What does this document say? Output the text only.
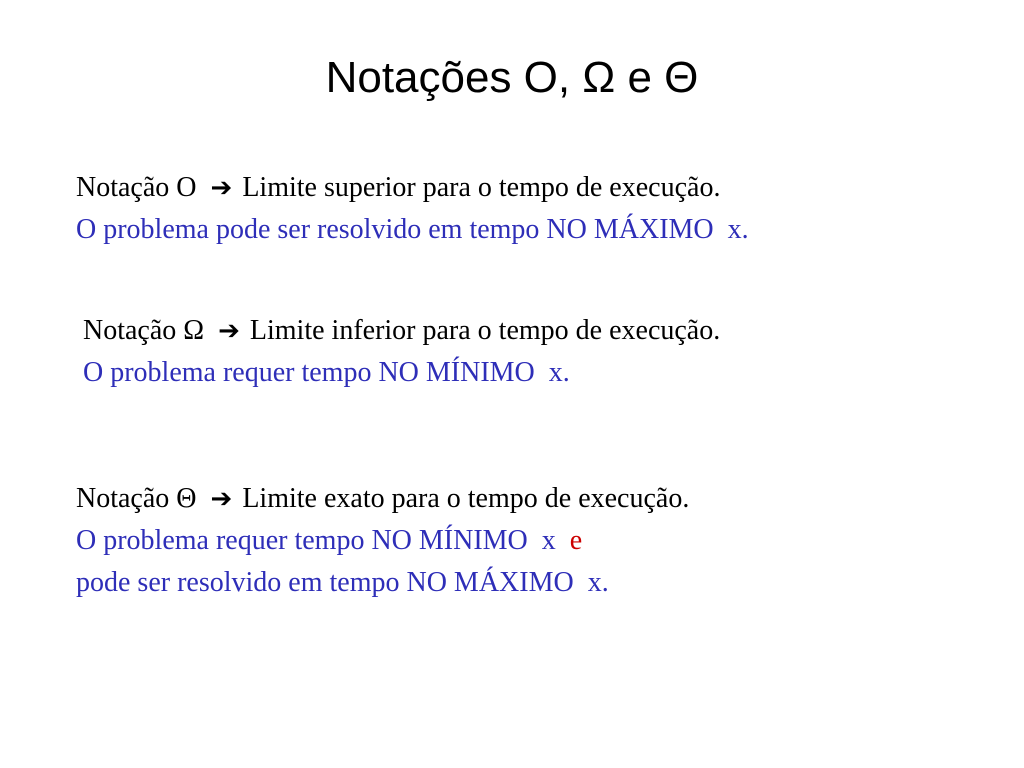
Notações O, Ω e Θ
Notação O ➔ Limite superior para o tempo de execução.
O problema pode ser resolvido em tempo NO MÁXIMO  x.
Notação Ω ➔ Limite inferior para o tempo de execução.
O problema requer tempo NO MÍNIMO  x.
Notação Θ ➔ Limite exato para o tempo de execução.
O problema requer tempo NO MÍNIMO  x e
pode ser resolvido em tempo NO MÁXIMO  x.
